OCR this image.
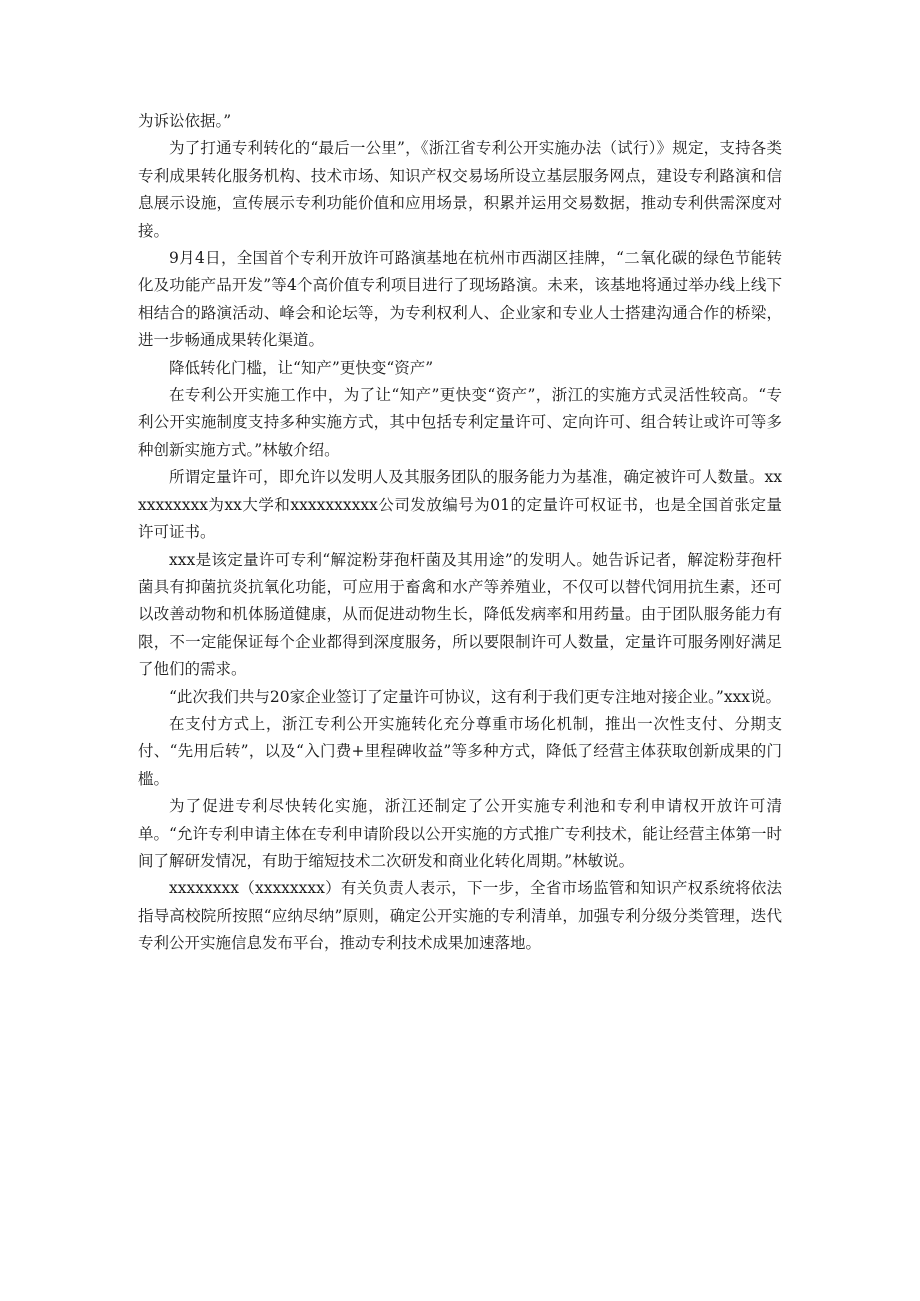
为诉讼依据。”

为了打通专利转化的“最后一公里”，《浙江省专利公开实施办法（试行）》规定，支持各类专利成果转化服务机构、技术市场、知识产权交易场所设立基层服务网点，建设专利路演和信息展示设施，宣传展示专利功能价值和应用场景，积累并运用交易数据，推动专利供需深度对接。

9月4日，全国首个专利开放许可路演基地在杭州市西湖区挂牌，“二氧化碳的绿色节能转化及功能产品开发”等4个高价值专利项目进行了现场路演。未来，该基地将通过举办线上线下相结合的路演活动、峰会和论坛等，为专利权利人、企业家和专业人士搭建沟通合作的桥梁，进一步畅通成果转化渠道。

降低转化门槛，让“知产”更快变“资产”

在专利公开实施工作中，为了让“知产”更快变“资产”，浙江的实施方式灵活性较高。“专利公开实施制度支持多种实施方式，其中包括专利定量许可、定向许可、组合转让或许可等多种创新实施方式。”林敏介绍。

所谓定量许可，即允许以发明人及其服务团队的服务能力为基准，确定被许可人数量。xxxxxxxxxx为xx大学和xxxxxxxxxx公司发放编号为01的定量许可权证书，也是全国首张定量许可证书。

xxx是该定量许可专利“解淀粉芽孢杆菌及其用途”的发明人。她告诉记者，解淀粉芽孢杆菌具有抑菌抗炎抗氧化功能，可应用于畜禽和水产等养殖业，不仅可以替代饲用抗生素，还可以改善动物和机体肠道健康，从而促进动物生长，降低发病率和用药量。由于团队服务能力有限，不一定能保证每个企业都得到深度服务，所以要限制许可人数量，定量许可服务刚好满足了他们的需求。

“此次我们共与20家企业签订了定量许可协议，这有利于我们更专注地对接企业。”xxx说。

在支付方式上，浙江专利公开实施转化充分尊重市场化机制，推出一次性支付、分期支付、“先用后转”，以及“入门费+里程碑收益”等多种方式，降低了经营主体获取创新成果的门槛。

为了促进专利尽快转化实施，浙江还制定了公开实施专利池和专利申请权开放许可清单。“允许专利申请主体在专利申请阶段以公开实施的方式推广专利技术，能让经营主体第一时间了解研发情况，有助于缩短技术二次研发和商业化转化周期。”林敏说。

xxxxxxxx（xxxxxxxx）有关负责人表示，下一步，全省市场监管和知识产权系统将依法指导高校院所按照“应纳尽纳”原则，确定公开实施的专利清单，加强专利分级分类管理，迭代专利公开实施信息发布平台，推动专利技术成果加速落地。
